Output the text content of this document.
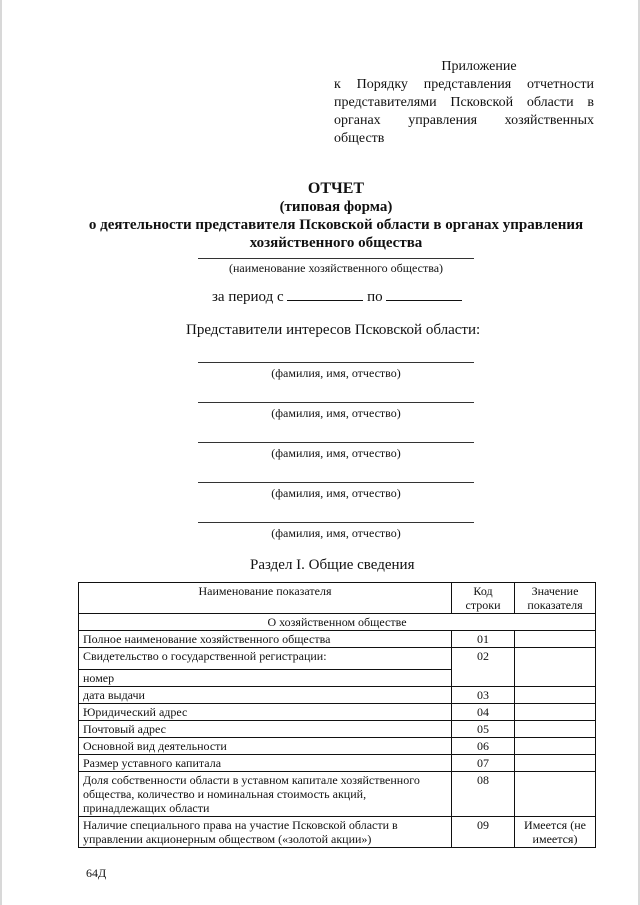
Приложение
к Порядку представления отчетности представителями Псковской области в органах управления хозяйственных обществ
ОТЧЕТ
(типовая форма)
о деятельности представителя Псковской области в органах управления хозяйственного общества
(наименование хозяйственного общества)
за период с	по
Представители интересов Псковской области:
(фамилия, имя, отчество)
(фамилия, имя, отчество)
(фамилия, имя, отчество)
(фамилия, имя, отчество)
(фамилия, имя, отчество)
Раздел I. Общие сведения
Наименование показателя	Код строки	Значение показателя
О хозяйственном обществе		
Полное наименование хозяйственного общества	01	
Свидетельство о государственной регистрации:	02	
номер		
дата выдачи	03	
Юридический адрес	04	
Почтовый адрес	05	
Основной вид деятельности	06	
Размер уставного капитала	07	
Доля собственности области в уставном капитале хозяйственного общества, количество и номинальная стоимость акций, принадлежащих области	08	
Наличие специального права на участие Псковской области в управлении акционерным обществом («золотой акции»)	09	Имеется (не имеется)
64Д
